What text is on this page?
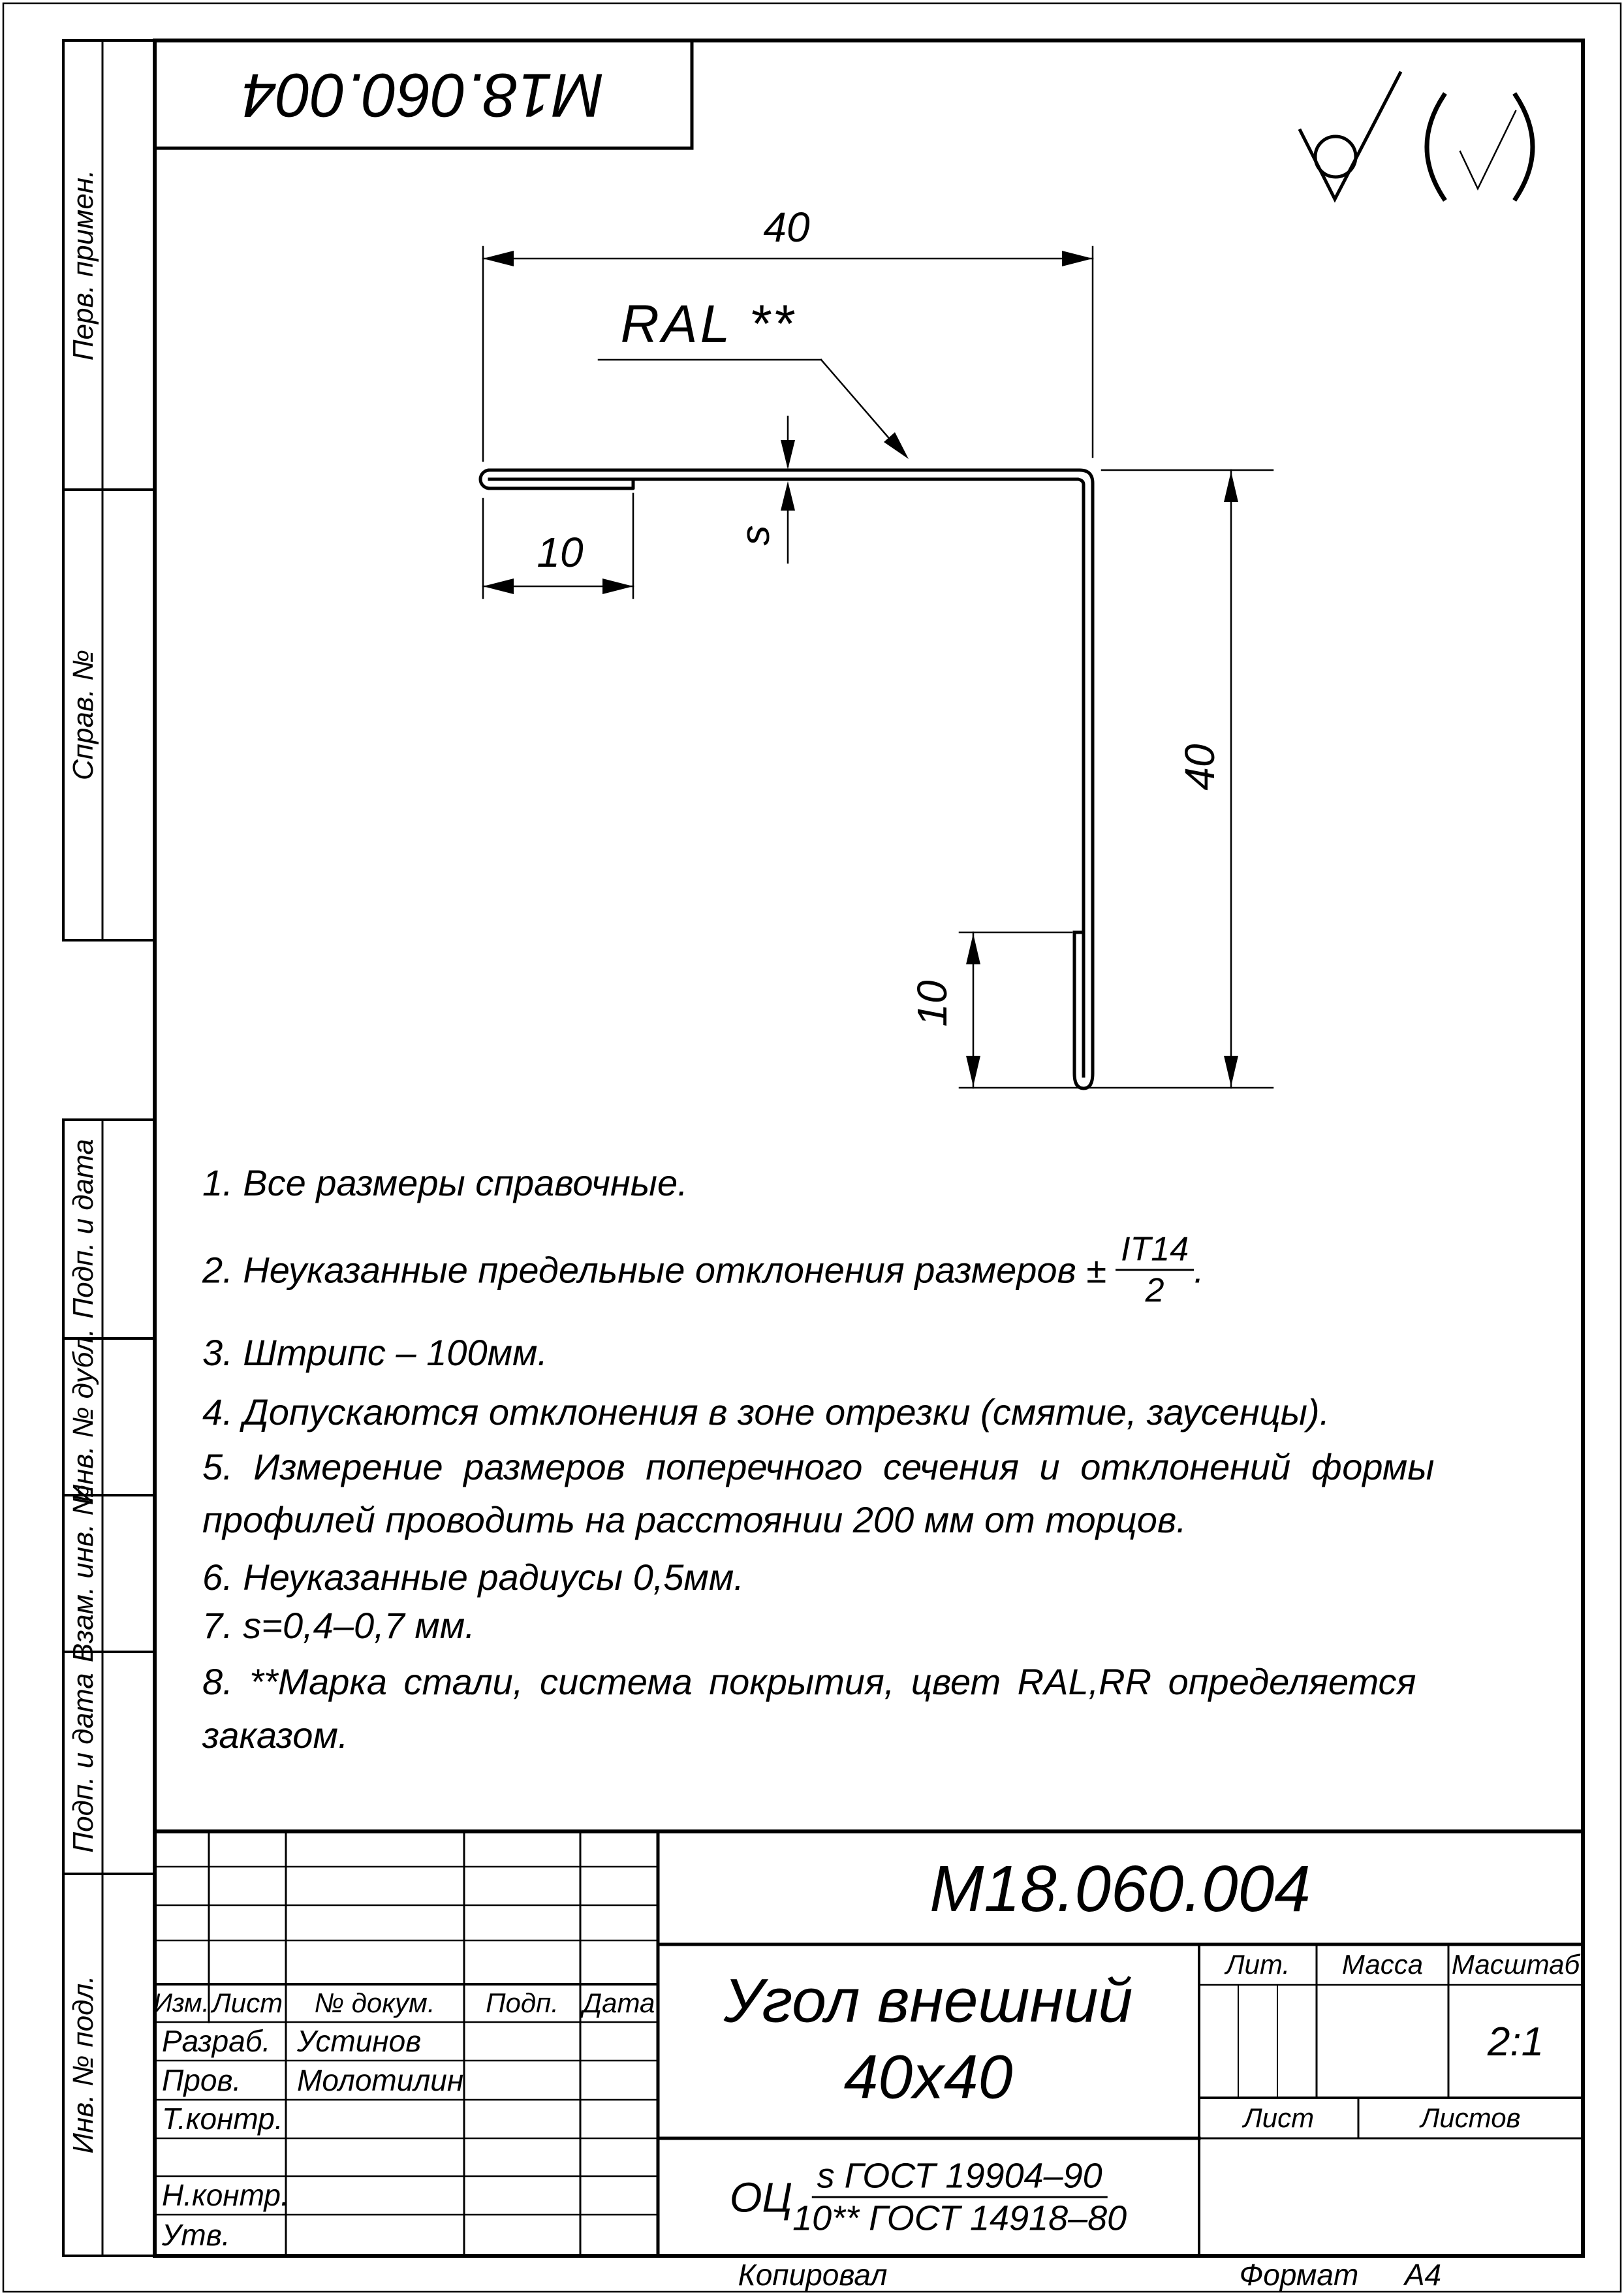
М18.060.004
Перв. примен.
Справ. №
Подп. и дата
Инв. № дубл.
Взам. инв. №
Подп. и дата
Инв. № подл.
40
RAL **
10	s
40
10
1. Все размеры справочные.
2. Неуказанные предельные отклонения размеров ± $\frac{IT14}{2}$ .
3. Штрипс – 100мм.
4. Допускаются отклонения в зоне отрезки (смятие, заусенцы).
5. Измерение размеров поперечного сечения и отклонений формы
профилей проводить на расстоянии 200 мм от торцов.
6. Неуказанные радиусы 0,5мм.
7. s=0,4–0,7 мм.
8. **Марка стали, система покрытия, цвет RAL,RR определяется
заказом.
М18.060.004
Угол внешний
40х40
Изм. Лист № докум. Подп. Дата
Разраб. Устинов
Пров. Молотилин
Т.контр.
Н.контр.
Утв.
Лит. Масса Масштаб
2:1
Лист	Листов
ОЦ $\frac{\text{s ГОСТ 19904–90}}{\text{10** ГОСТ 14918–80}}$
Копировал	Формат А4
